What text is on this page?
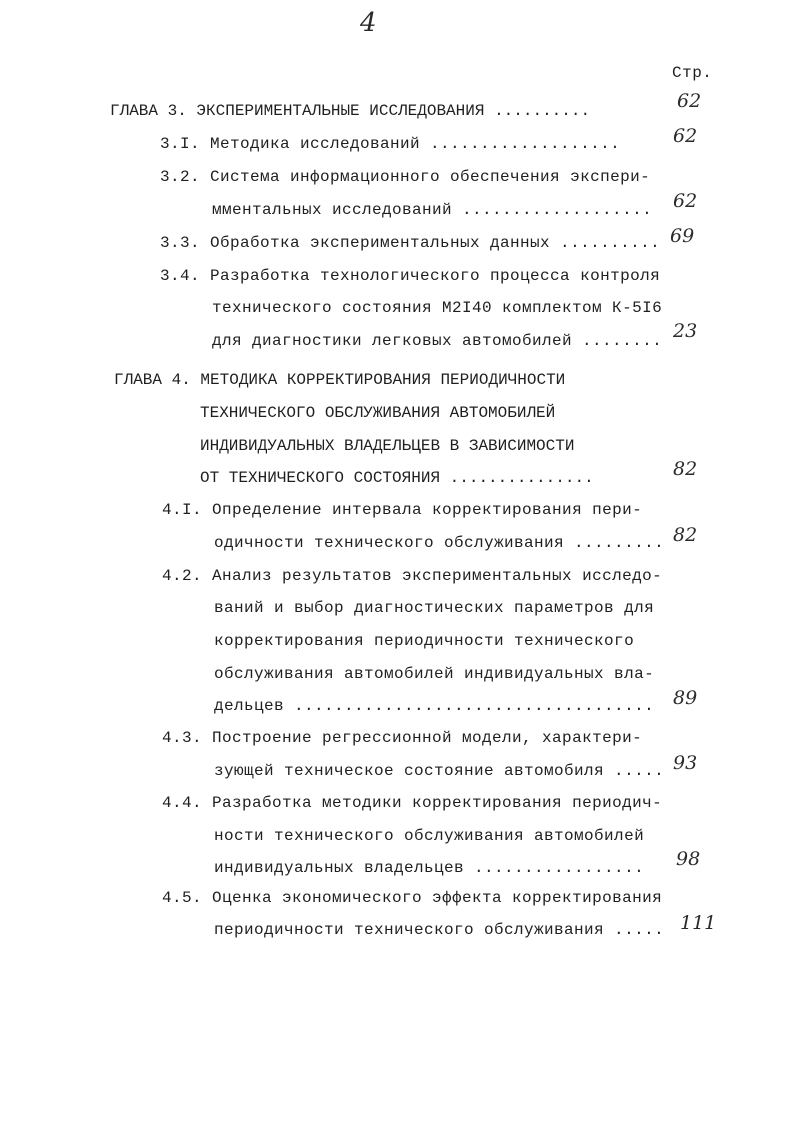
4
Стр.
ГЛАВА 3. ЭКСПЕРИМЕНТАЛЬНЫЕ ИССЛЕДОВАНИЯ ..........	62
3.I. Методика исследований ...................	62
3.2. Система информационного обеспечения экспери-
мментальных исследований ................... 62
3.3. Обработка экспериментальных данных .......... 69
3.4. Разработка технологического процесса контроля
технического состояния М2I40 комплектом К-5I6
для диагностики легковых автомобилей ........ 23
ГЛАВА 4. МЕТОДИКА КОРРЕКТИРОВАНИЯ ПЕРИОДИЧНОСТИ
ТЕХНИЧЕСКОГО ОБСЛУЖИВАНИЯ АВТОМОБИЛЕЙ
ИНДИВИДУАЛЬНЫХ ВЛАДЕЛЬЦЕВ В ЗАВИСИМОСТИ
ОТ ТЕХНИЧЕСКОГО СОСТОЯНИЯ ...............	82
4.I. Определение интервала корректирования пери-
одичности технического обслуживания ......... 82
4.2. Анализ результатов экспериментальных исследо-
ваний и выбор диагностических параметров для
корректирования периодичности технического
обслуживания автомобилей индивидуальных вла-
дельцев .................................... 89
4.3. Построение регрессионной модели, характери-
зующей техническое состояние автомобиля ..... 93
4.4. Разработка методики корректирования периодич-
ности технического обслуживания автомобилей
индивидуальных владельцев ................. 98
4.5. Оценка экономического эффекта корректирования
периодичности технического обслуживания ..... 111
